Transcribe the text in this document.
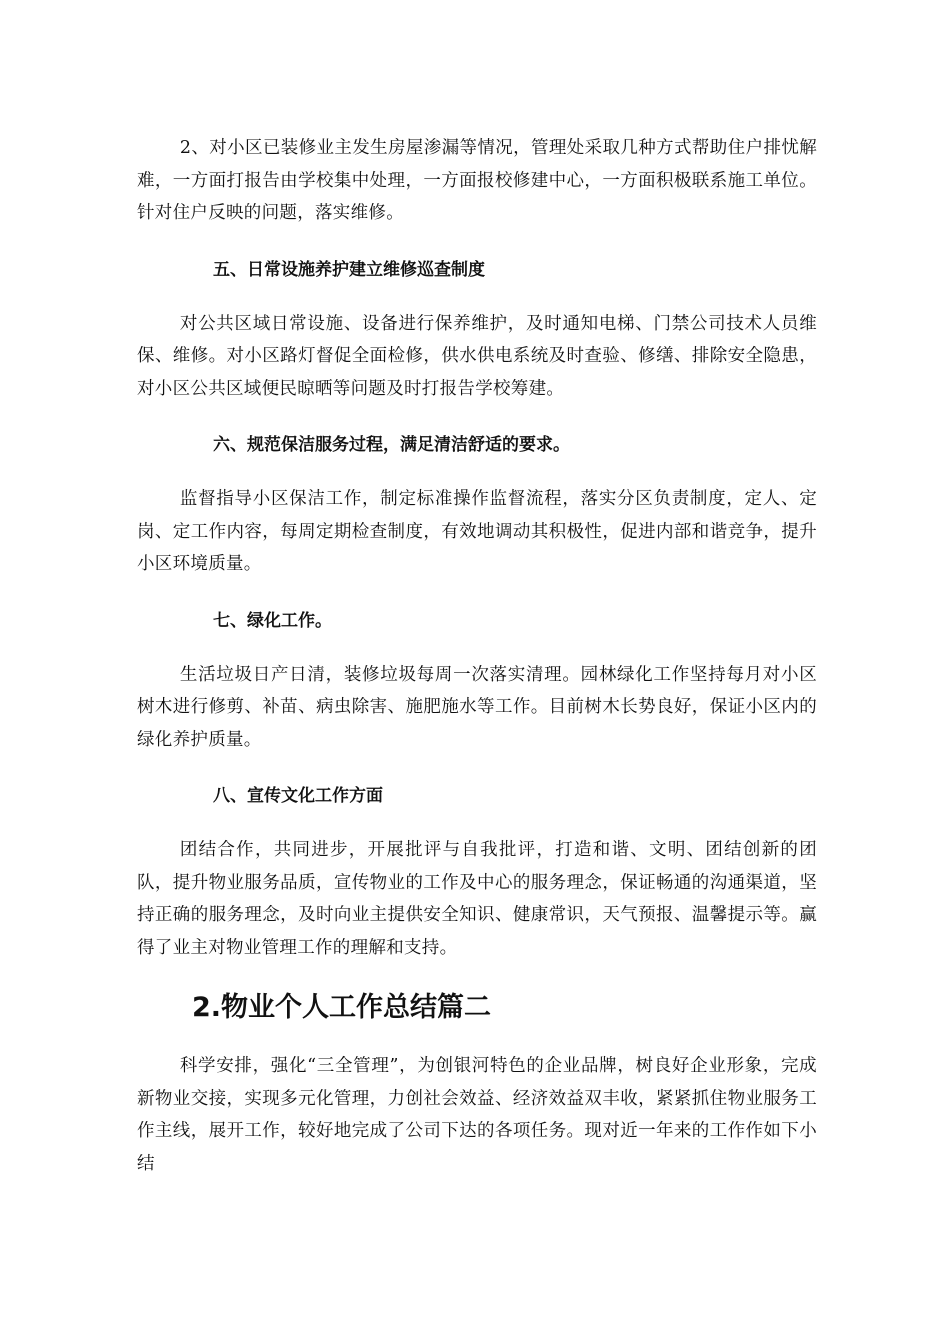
2、对小区已装修业主发生房屋渗漏等情况，管理处采取几种方式帮助住户排忧解难，一方面打报告由学校集中处理，一方面报校修建中心，一方面积极联系施工单位。针对住户反映的问题，落实维修。

五、日常设施养护建立维修巡查制度

对公共区域日常设施、设备进行保养维护，及时通知电梯、门禁公司技术人员维保、维修。对小区路灯督促全面检修，供水供电系统及时查验、修缮、排除安全隐患，对小区公共区域便民晾晒等问题及时打报告学校筹建。

六、规范保洁服务过程，满足清洁舒适的要求。

监督指导小区保洁工作，制定标准操作监督流程，落实分区负责制度，定人、定岗、定工作内容，每周定期检查制度，有效地调动其积极性，促进内部和谐竞争，提升小区环境质量。

七、绿化工作。

生活垃圾日产日清，装修垃圾每周一次落实清理。园林绿化工作坚持每月对小区树木进行修剪、补苗、病虫除害、施肥施水等工作。目前树木长势良好，保证小区内的绿化养护质量。

八、宣传文化工作方面

团结合作，共同进步，开展批评与自我批评，打造和谐、文明、团结创新的团队，提升物业服务品质，宣传物业的工作及中心的服务理念，保证畅通的沟通渠道，坚持正确的服务理念，及时向业主提供安全知识、健康常识，天气预报、温馨提示等。赢得了业主对物业管理工作的理解和支持。

2.物业个人工作总结篇二

科学安排，强化“三全管理”，为创银河特色的企业品牌，树良好企业形象，完成新物业交接，实现多元化管理，力创社会效益、经济效益双丰收，紧紧抓住物业服务工作主线，展开工作，较好地完成了公司下达的各项任务。现对近一年来的工作作如下小结
